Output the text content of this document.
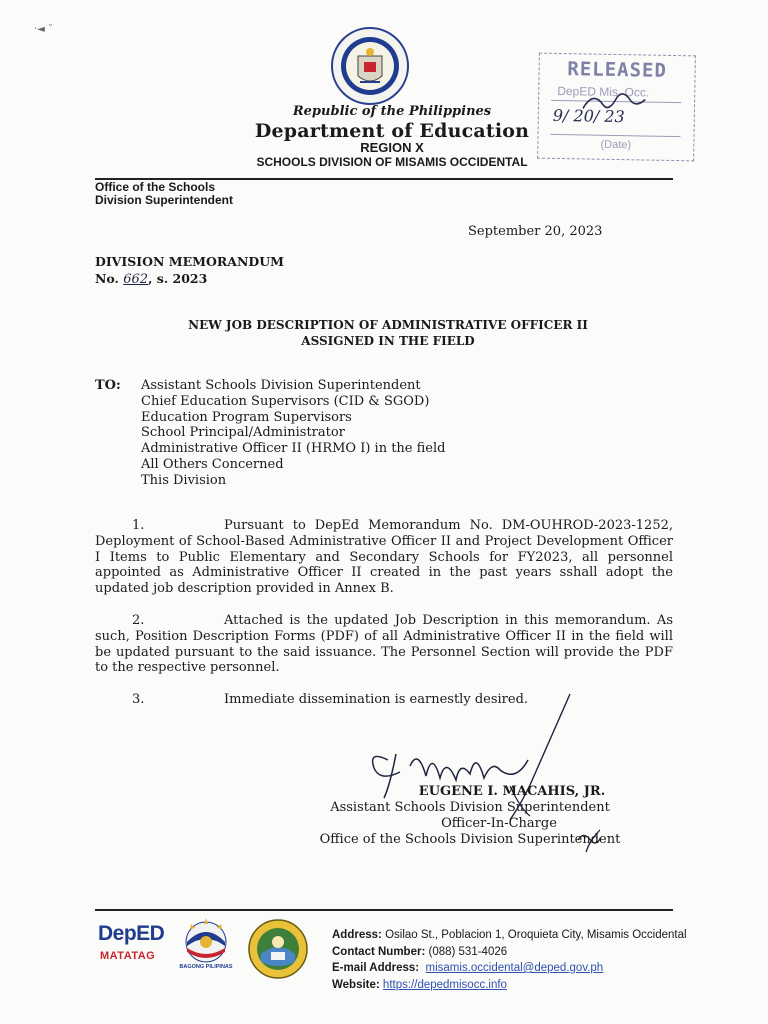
·◄ ˘
Republic of the Philippines
Department of Education
REGION X
SCHOOLS DIVISION OF MISAMIS OCCIDENTAL
Office of the Schools
Division Superintendent
RELEASED
DepED Mis. Occ.
9/ 20/ 23
(Date)
September 20, 2023
DIVISION MEMORANDUM
No. 662, s. 2023
NEW JOB DESCRIPTION OF ADMINISTRATIVE OFFICER II
ASSIGNED IN THE FIELD
TO: Assistant Schools Division Superintendent
Chief Education Supervisors (CID & SGOD)
Education Program Supervisors
School Principal/Administrator
Administrative Officer II (HRMO I) in the field
All Others Concerned
This Division
1.	Pursuant to DepEd Memorandum No. DM-OUHROD-2023-1252, Deployment of School-Based Administrative Officer II and Project Development Officer I Items to Public Elementary and Secondary Schools for FY2023, all personnel appointed as Administrative Officer II created in the past years sshall adopt the updated job description provided in Annex B.
2.	Attached is the updated Job Description in this memorandum. As such, Position Description Forms (PDF) of all Administrative Officer II in the field will be updated pursuant to the said issuance. The Personnel Section will provide the PDF to the respective personnel.
3.	Immediate dissemination is earnestly desired.
EUGENE I. MACAHIS, JR.
Assistant Schools Division Superintendent
Officer-In-Charge
Office of the Schools Division Superintendent
DepED
MATATAG
BAGONG PILIPINAS
Address: Osilao St., Poblacion 1, Oroquieta City, Misamis Occidental
Contact Number: (088) 531-4026
E-mail Address: misamis.occidental@deped.gov.ph
Website: https://depedmisocc.info
